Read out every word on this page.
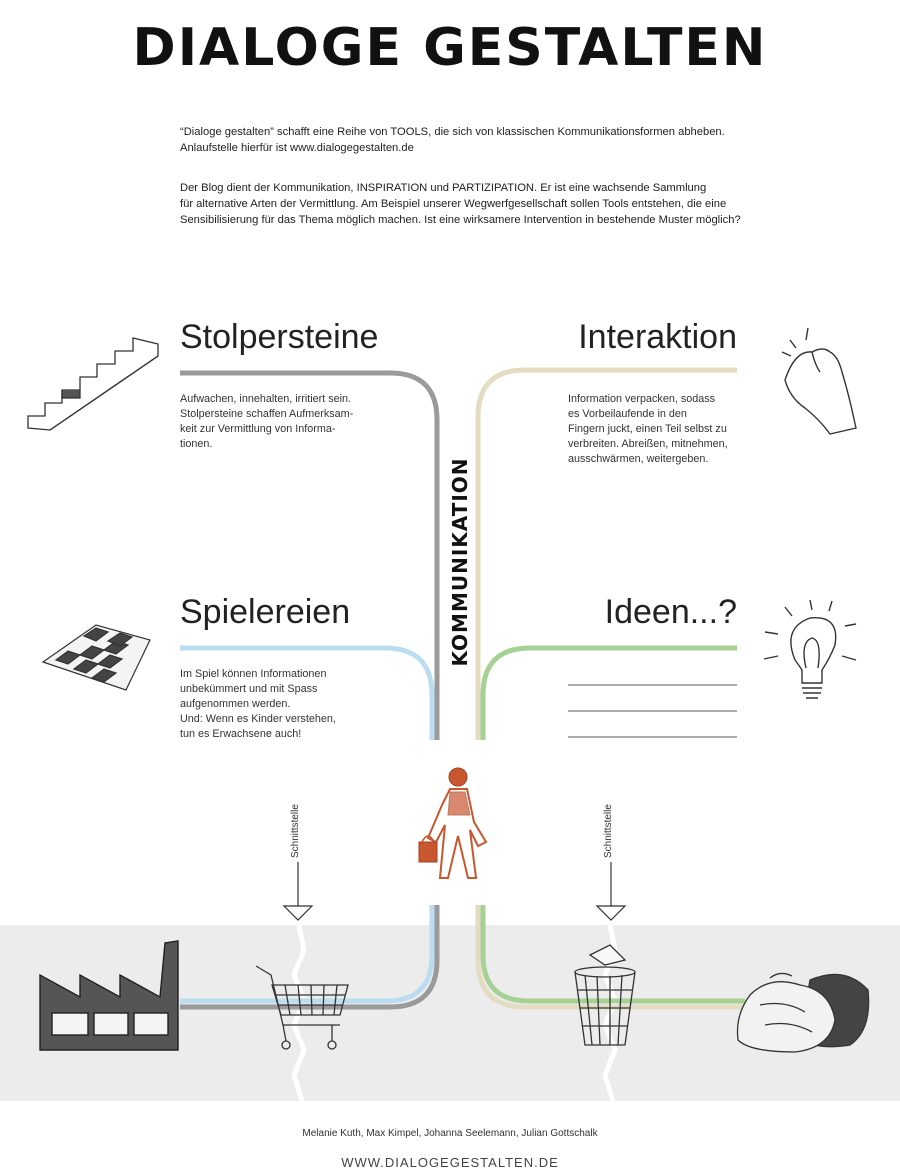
DIALOGE GESTALTEN
“Dialoge gestalten” schafft eine Reihe von TOOLS, die sich von klassischen Kommunikationsformen abheben.
Anlaufstelle hierfür ist www.dialogegestalten.de
Der Blog dient der Kommunikation, INSPIRATION und PARTIZIPATION. Er ist eine wachsende Sammlung
für alternative Arten der Vermittlung. Am Beispiel unserer Wegwerfgesellschaft sollen Tools entstehen, die eine
Sensibilisierung für das Thema möglich machen. Ist eine wirksamere Intervention in bestehende Muster möglich?
Stolpersteine
Aufwachen, innehalten, irritiert sein.
Stolpersteine schaffen Aufmerksam-
keit zur Vermittlung von Informa-
tionen.
Interaktion
Information verpacken, sodass
es Vorbeilaufende in den
Fingern juckt, einen Teil selbst zu
verbreiten. Abreißen, mitnehmen,
ausschwärmen, weitergeben.
Spielereien
Im Spiel können Informationen
unbekümmert und mit Spass
aufgenommen werden.
Und: Wenn es Kinder verstehen,
tun es Erwachsene auch!
Ideen...?
KOMMUNIKATION
Schnittstelle	Schnittstelle
Melanie Kuth, Max Kimpel, Johanna Seelemann, Julian Gottschalk
WWW.DIALOGEGESTALTEN.DE
